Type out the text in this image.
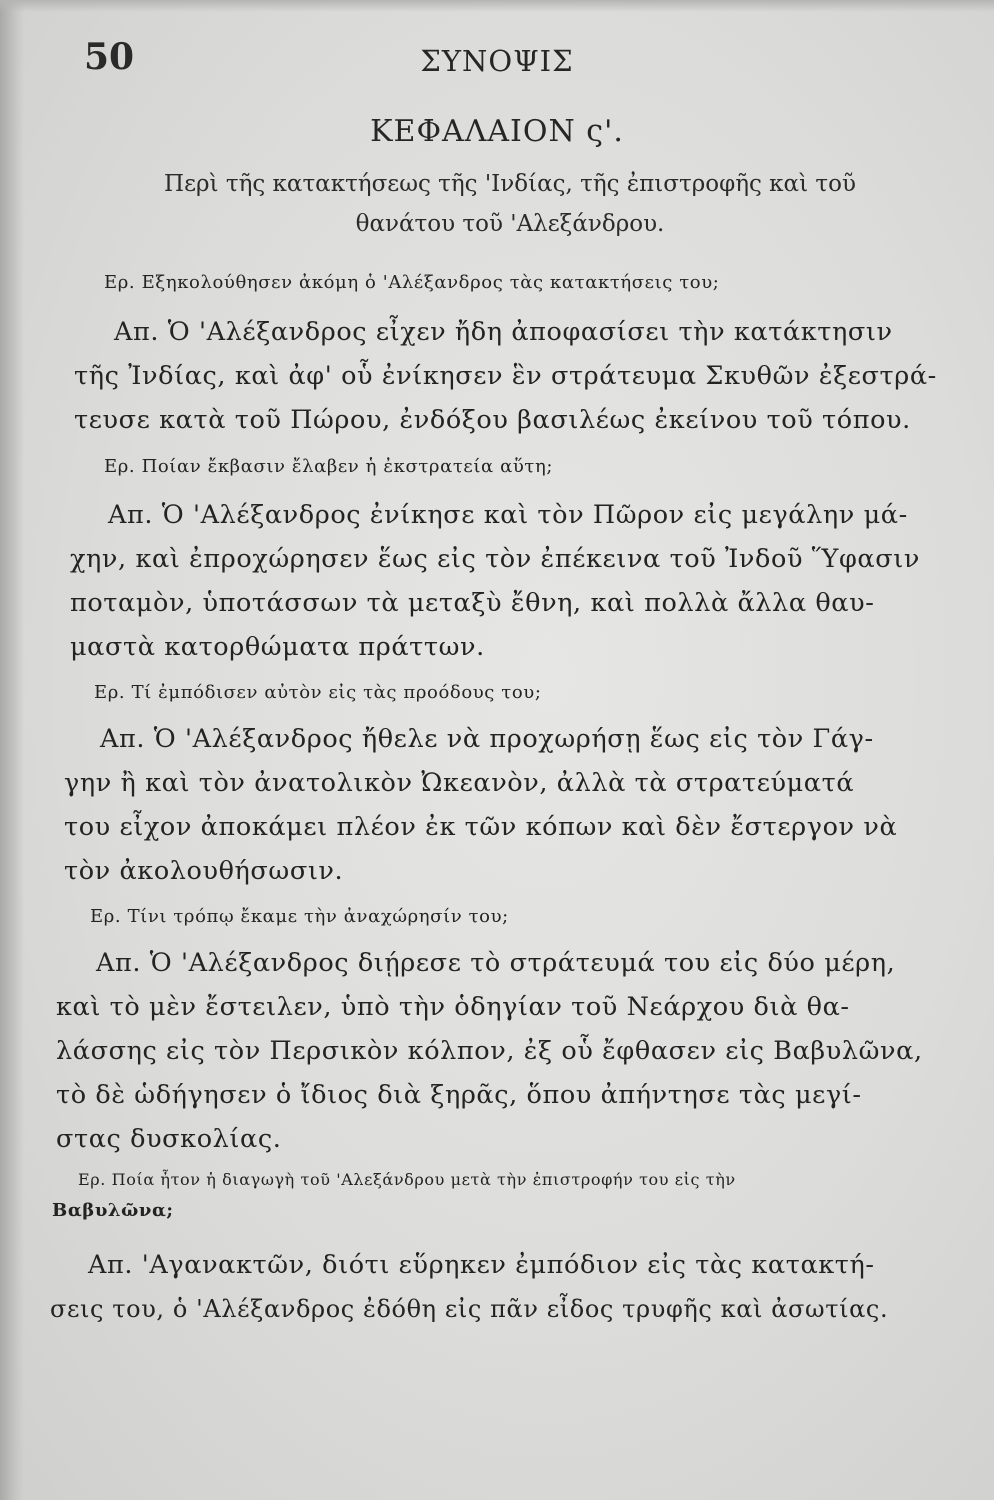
50	ΣΥΝΟΨΙΣ
ΚΕΦΑΛΑΙΟΝ ς'.
Περὶ τῆς κατακτήσεως τῆς 'Ινδίας, τῆς ἐπιστροφῆς καὶ τοῦ θανάτου τοῦ 'Αλεξάνδρου.
Ερ. Εξηκολούθησεν ἀκόμη ὁ 'Αλέξανδρος τὰς κατακτήσεις του;
Απ. Ὁ 'Αλέξανδρος εἶχεν ἤδη ἀποφασίσει τὴν κατάκτησιν
τῆς Ἰνδίας, καὶ ἀφ' οὗ ἐνίκησεν ἓν στράτευμα Σκυθῶν ἐξεστρά-
τευσε κατὰ τοῦ Πώρου, ἐνδόξου βασιλέως ἐκείνου τοῦ τόπου.
Ερ. Ποίαν ἔκβασιν ἔλαβεν ἡ ἐκστρατεία αὕτη;
Απ. Ὁ 'Αλέξανδρος ἐνίκησε καὶ τὸν Πῶρον εἰς μεγάλην μά-
χην, καὶ ἐπροχώρησεν ἕως εἰς τὸν ἐπέκεινα τοῦ Ἰνδοῦ Ὕφασιν
ποταμὸν, ὑποτάσσων τὰ μεταξὺ ἔθνη, καὶ πολλὰ ἄλλα θαυ-
μαστὰ κατορθώματα πράττων.
Ερ. Τί ἐμπόδισεν αὐτὸν εἰς τὰς προόδους του;
Απ. Ὁ 'Αλέξανδρος ἤθελε νὰ προχωρήσῃ ἕως εἰς τὸν Γάγ-
γην ἢ καὶ τὸν ἀνατολικὸν Ὠκεανὸν, ἀλλὰ τὰ στρατεύματά
του εἶχον ἀποκάμει πλέον ἐκ τῶν κόπων καὶ δὲν ἔστεργον νὰ
τὸν ἀκολουθήσωσιν.
Ερ. Τίνι τρόπῳ ἔκαμε τὴν ἀναχώρησίν του;
Απ. Ὁ 'Αλέξανδρος διῄρεσε τὸ στράτευμά του εἰς δύο μέρη,
καὶ τὸ μὲν ἔστειλεν, ὑπὸ τὴν ὁδηγίαν τοῦ Νεάρχου διὰ θα-
λάσσης εἰς τὸν Περσικὸν κόλπον, ἐξ οὗ ἔφθασεν εἰς Βαβυλῶνα,
τὸ δὲ ὡδήγησεν ὁ ἴδιος διὰ ξηρᾶς, ὅπου ἀπήντησε τὰς μεγί-
στας δυσκολίας.
Ερ. Ποία ἦτον ἡ διαγωγὴ τοῦ 'Αλεξάνδρου μετὰ τὴν ἐπιστροφήν του εἰς τὴν
Βαβυλῶνα;
Απ. 'Αγανακτῶν, διότι εὕρηκεν ἐμπόδιον εἰς τὰς κατακτή-
σεις του, ὁ 'Αλέξανδρος ἐδόθη εἰς πᾶν εἶδος τρυφῆς καὶ ἀσωτίας.
